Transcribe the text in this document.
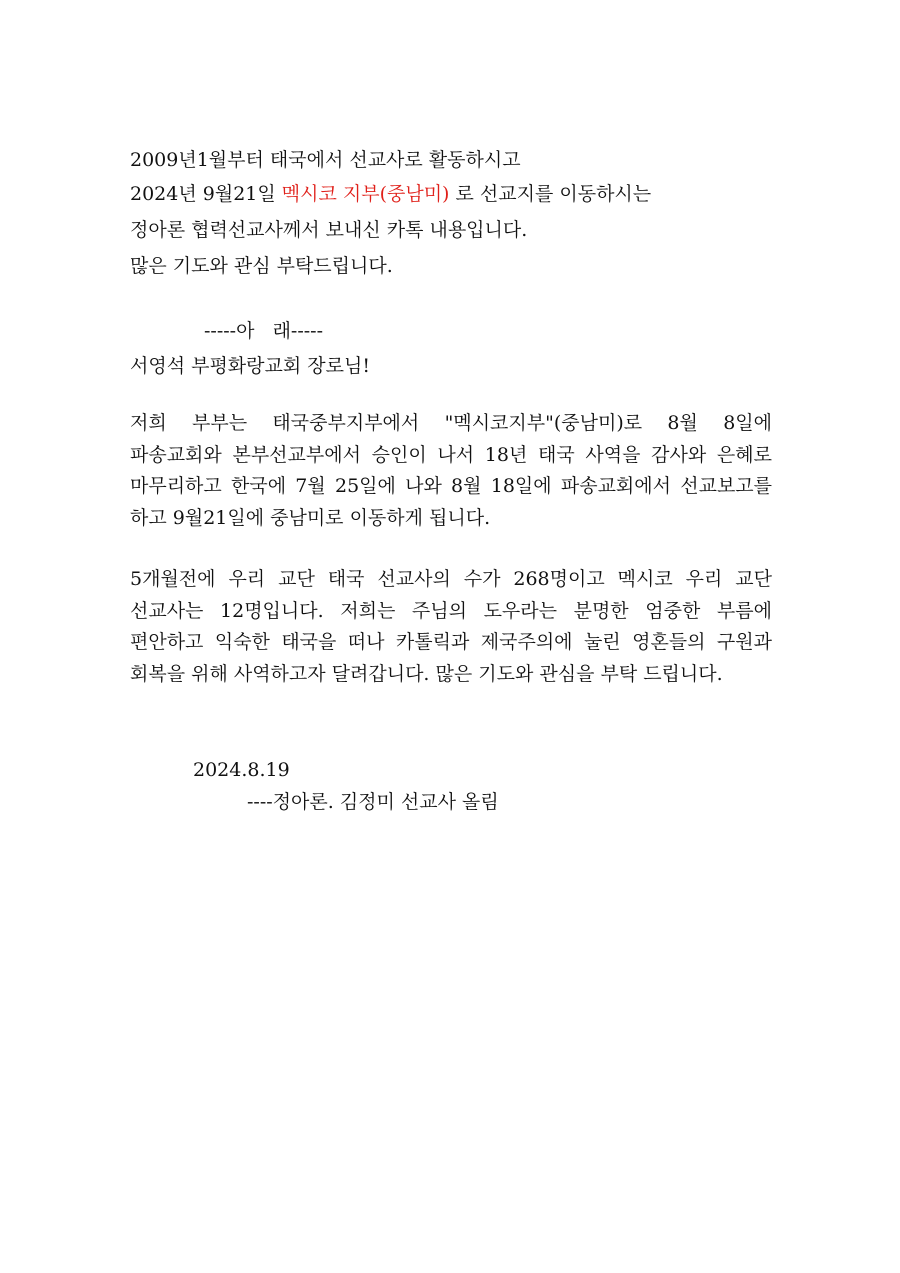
2009년1월부터 태국에서 선교사로 활동하시고
2024년 9월21일 멕시코 지부(중남미) 로 선교지를 이동하시는
정아론 협력선교사께서 보내신 카톡 내용입니다.
많은 기도와 관심 부탁드립니다.
-----아   래-----
서영석 부평화랑교회 장로님!
저희 부부는 태국중부지부에서 "멕시코지부"(중남미)로 8월 8일에 파송교회와 본부선교부에서 승인이 나서 18년 태국 사역을 감사와 은혜로 마무리하고 한국에 7월 25일에 나와 8월 18일에 파송교회에서 선교보고를 하고 9월21일에 중남미로 이동하게 됩니다.
5개월전에 우리 교단 태국 선교사의 수가 268명이고 멕시코 우리 교단 선교사는 12명입니다. 저희는 주님의 도우라는 분명한 엄중한 부름에 편안하고 익숙한 태국을 떠나 카톨릭과 제국주의에 눌린 영혼들의 구원과 회복을 위해 사역하고자 달려갑니다. 많은 기도와 관심을 부탁 드립니다.
2024.8.19
----정아론. 김정미 선교사 올림
